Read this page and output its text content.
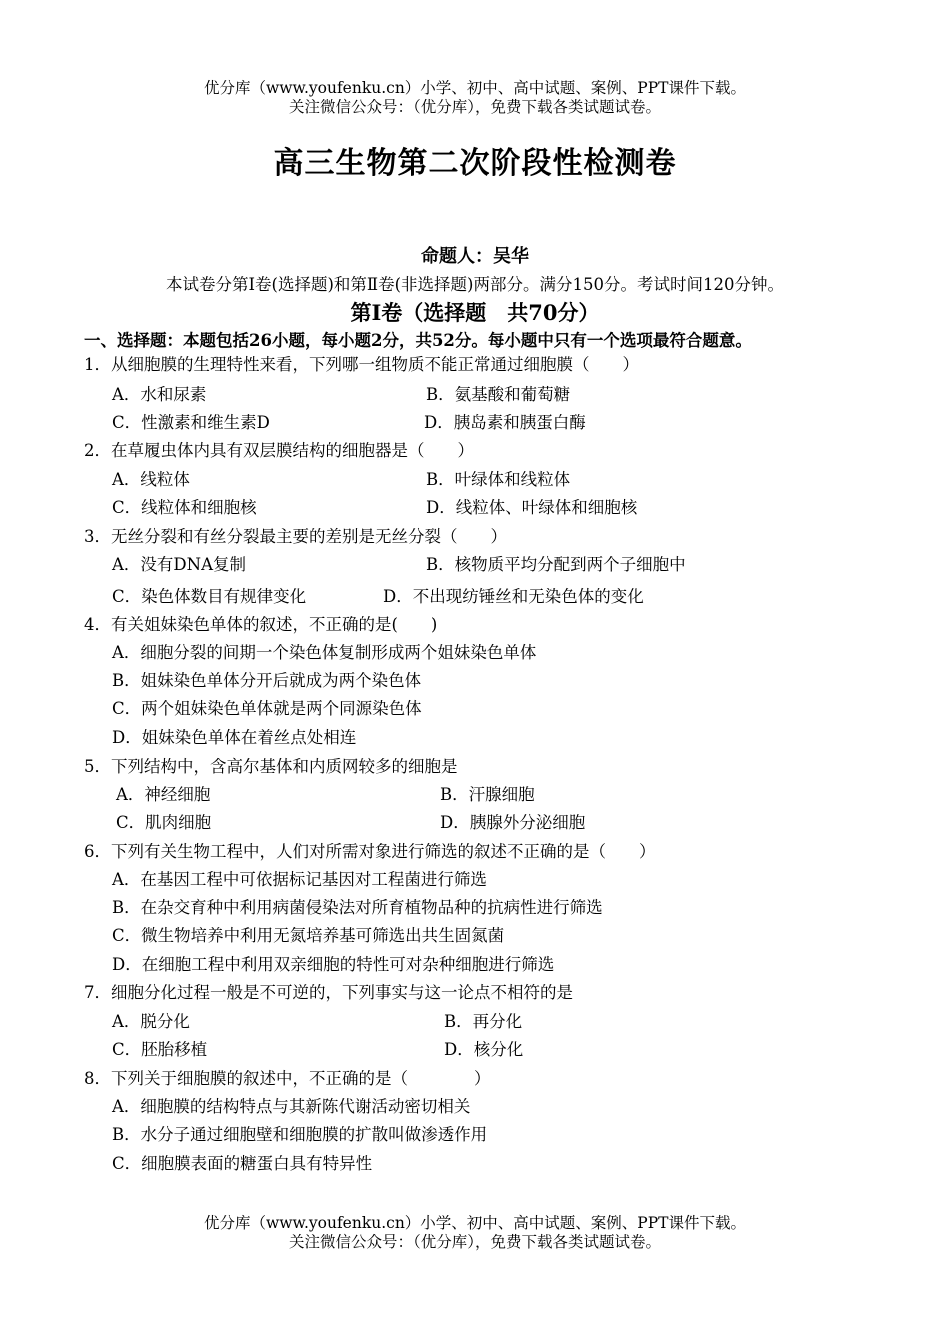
优分库（www.youfenku.cn）小学、初中、高中试题、案例、PPT课件下载。
关注微信公众号：（优分库），免费下载各类试题试卷。
高三生物第二次阶段性检测卷
命题人：吴华
本试卷分第Ⅰ卷(选择题)和第Ⅱ卷(非选择题)两部分。满分150分。考试时间120分钟。
第Ⅰ卷（选择题　共70分）
一、选择题：本题包括26小题，每小题2分，共52分。每小题中只有一个选项最符合题意。
1．从细胞膜的生理特性来看，下列哪一组物质不能正常通过细胞膜（　　）
A．水和尿素	B．氨基酸和葡萄糖
C．性激素和维生素D	D．胰岛素和胰蛋白酶
2．在草履虫体内具有双层膜结构的细胞器是（　　）
A．线粒体	B．叶绿体和线粒体
C．线粒体和细胞核	D．线粒体、叶绿体和细胞核
3．无丝分裂和有丝分裂最主要的差别是无丝分裂（　　）
A．没有DNA复制	B．核物质平均分配到两个子细胞中
C．染色体数目有规律变化	D．不出现纺锤丝和无染色体的变化
4．有关姐妹染色单体的叙述，不正确的是(　　)
A．细胞分裂的间期一个染色体复制形成两个姐妹染色单体
B．姐妹染色单体分开后就成为两个染色体
C．两个姐妹染色单体就是两个同源染色体
D．姐妹染色单体在着丝点处相连
5．下列结构中，含高尔基体和内质网较多的细胞是
A．神经细胞	B．汗腺细胞
C．肌肉细胞	D．胰腺外分泌细胞
6．下列有关生物工程中，人们对所需对象进行筛选的叙述不正确的是（　　）
A．在基因工程中可依据标记基因对工程菌进行筛选
B．在杂交育种中利用病菌侵染法对所育植物品种的抗病性进行筛选
C．微生物培养中利用无氮培养基可筛选出共生固氮菌
D．在细胞工程中利用双亲细胞的特性可对杂种细胞进行筛选
7．细胞分化过程一般是不可逆的，下列事实与这一论点不相符的是
A．脱分化	B．再分化
C．胚胎移植	D．核分化
8．下列关于细胞膜的叙述中，不正确的是（　　　　）
A．细胞膜的结构特点与其新陈代谢活动密切相关
B．水分子通过细胞壁和细胞膜的扩散叫做渗透作用
C．细胞膜表面的糖蛋白具有特异性
优分库（www.youfenku.cn）小学、初中、高中试题、案例、PPT课件下载。
关注微信公众号：（优分库），免费下载各类试题试卷。
